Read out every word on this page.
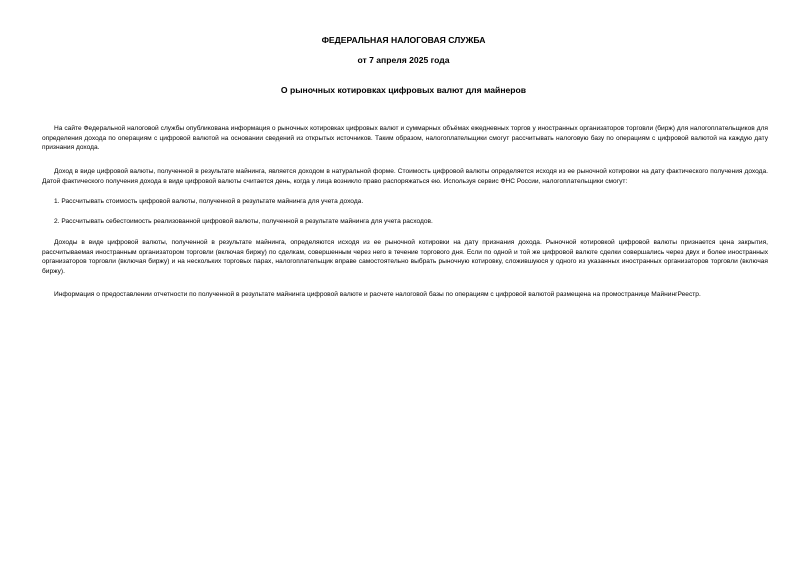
ФЕДЕРАЛЬНАЯ НАЛОГОВАЯ СЛУЖБА
от 7 апреля 2025 года
О рыночных котировках цифровых валют для майнеров

На сайте Федеральной налоговой службы опубликована информация о рыночных котировках цифровых валют и суммарных объёмах ежедневных торгов у иностранных организаторов торговли (бирж) для налогоплательщиков для определения дохода по операциям с цифровой валютой на основании сведений из открытых источников. Таким образом, налогоплательщики смогут рассчитывать налоговую базу по операциям с цифровой валютой на каждую дату признания дохода.

Доход в виде цифровой валюты, полученной в результате майнинга, является доходом в натуральной форме. Стоимость цифровой валюты определяется исходя из ее рыночной котировки на дату фактического получения дохода. Датой фактического получения дохода в виде цифровой валюты считается день, когда у лица возникло право распоряжаться ею. Используя сервис ФНС России, налогоплательщики смогут:

1. Рассчитывать стоимость цифровой валюты, полученной в результате майнинга для учета дохода.

2. Рассчитывать себестоимость реализованной цифровой валюты, полученной в результате майнинга для учета расходов.

Доходы в виде цифровой валюты, полученной в результате майнинга, определяются исходя из ее рыночной котировки на дату признания дохода. Рыночной котировкой цифровой валюты признается цена закрытия, рассчитываемая иностранным организатором торговли (включая биржу) по сделкам, совершенным через него в течение торгового дня. Если по одной и той же цифровой валюте сделки совершались через двух и более иностранных организаторов торговли (включая биржу) и на нескольких торговых парах, налогоплательщик вправе самостоятельно выбрать рыночную котировку, сложившуюся у одного из указанных иностранных организаторов торговли (включая биржу).

Информация о предоставлении отчетности по полученной в результате майнинга цифровой валюте и расчете налоговой базы по операциям с цифровой валютой размещена на промостранице МайнингРеестр.
